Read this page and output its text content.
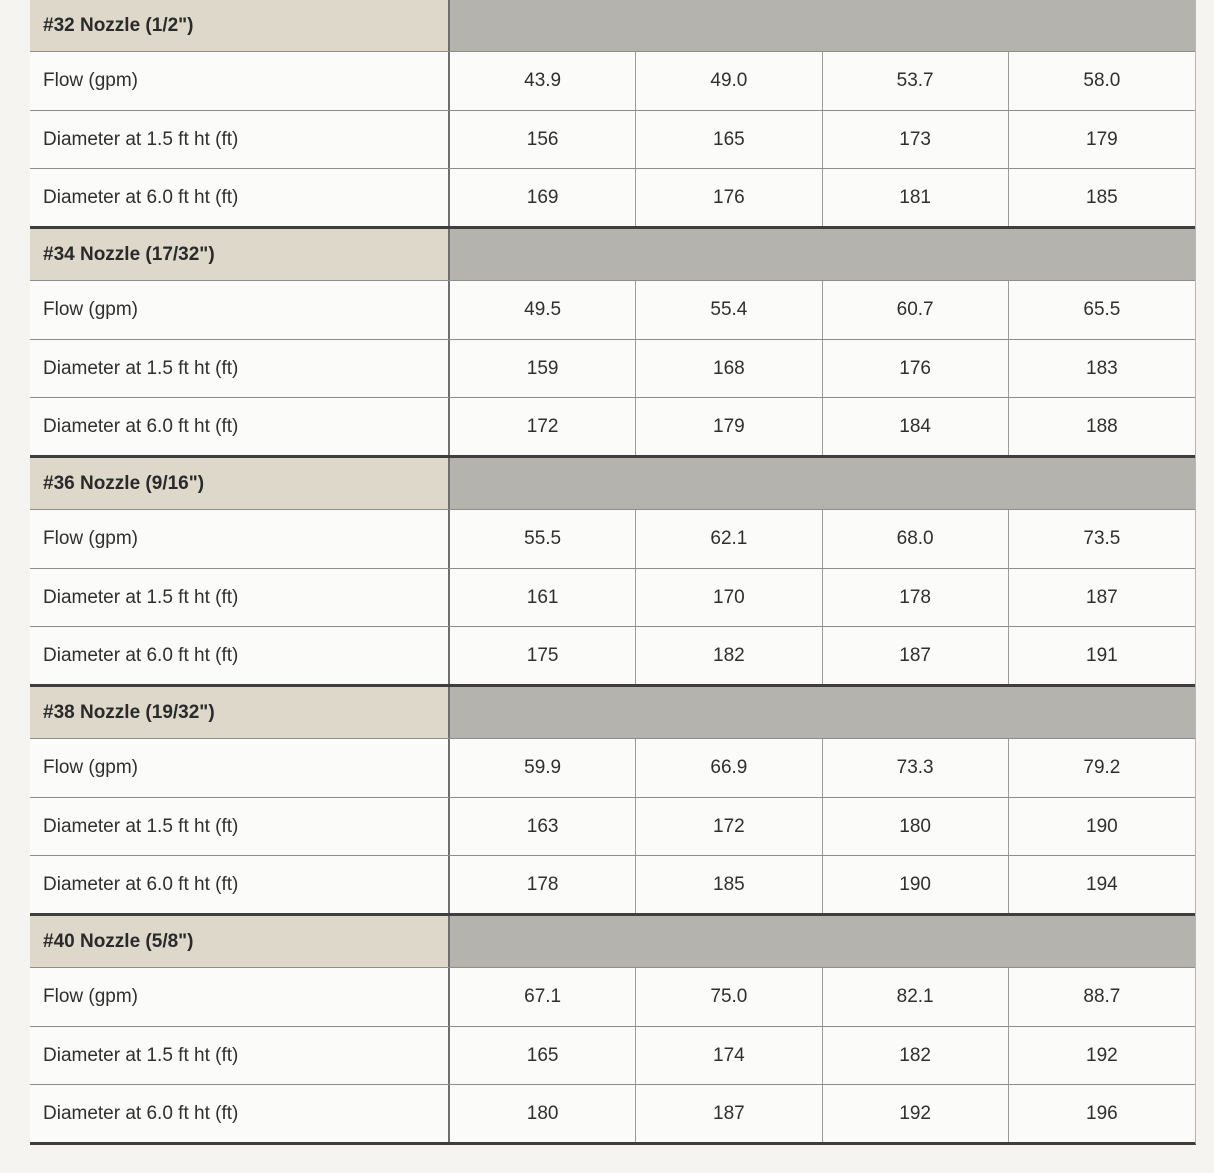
#32 Nozzle (1/2")
Flow (gpm)	43.9	49.0	53.7	58.0
Diameter at 1.5 ft ht (ft)	156	165	173	179
Diameter at 6.0 ft ht (ft)	169	176	181	185
#34 Nozzle (17/32")
Flow (gpm)	49.5	55.4	60.7	65.5
Diameter at 1.5 ft ht (ft)	159	168	176	183
Diameter at 6.0 ft ht (ft)	172	179	184	188
#36 Nozzle (9/16")
Flow (gpm)	55.5	62.1	68.0	73.5
Diameter at 1.5 ft ht (ft)	161	170	178	187
Diameter at 6.0 ft ht (ft)	175	182	187	191
#38 Nozzle (19/32")
Flow (gpm)	59.9	66.9	73.3	79.2
Diameter at 1.5 ft ht (ft)	163	172	180	190
Diameter at 6.0 ft ht (ft)	178	185	190	194
#40 Nozzle (5/8")
Flow (gpm)	67.1	75.0	82.1	88.7
Diameter at 1.5 ft ht (ft)	165	174	182	192
Diameter at 6.0 ft ht (ft)	180	187	192	196
